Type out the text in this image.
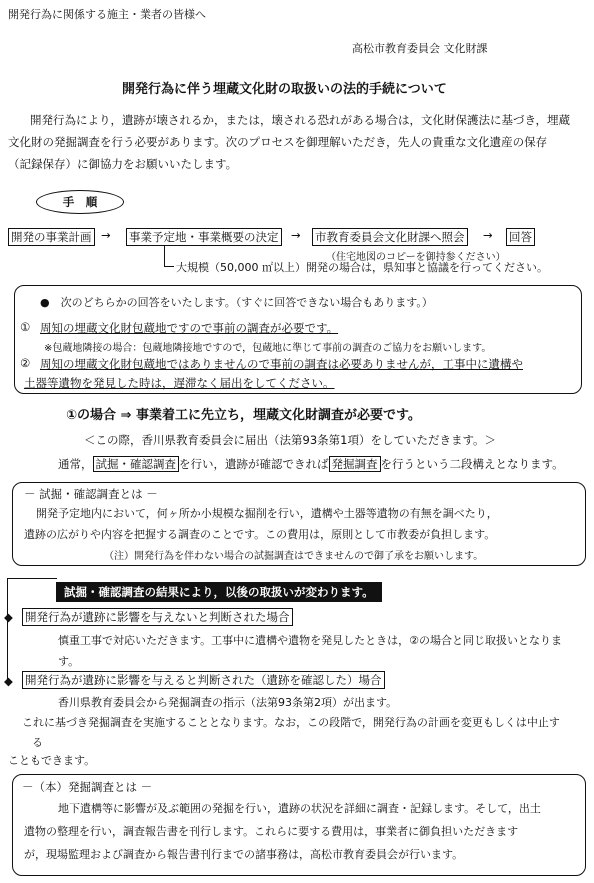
開発行為に関係する施主・業者の皆様へ
高松市教育委員会 文化財課
開発行為に伴う埋蔵文化財の取扱いの法的手続について
開発行為により，遺跡が壊されるか，または，壊される恐れがある場合は，文化財保護法に基づき，埋蔵
文化財の発掘調査を行う必要があります。次のプロセスを御理解いただき，先人の貴重な文化遺産の保存
（記録保存）に御協力をお願いいたします。
手　順
開発の事業計画 → 事業予定地・事業概要の決定 → 市教育委員会文化財課へ照会 → 回答
（住宅地図のコピーを御持参ください）
大規模（50,000 ㎡以上）開発の場合は，県知事と協議を行ってください。
●　次のどちらかの回答をいたします。（すぐに回答できない場合もあります。）
① 周知の埋蔵文化財包蔵地ですので事前の調査が必要です。
※包蔵地隣接の場合：包蔵地隣接地ですので，包蔵地に準じて事前の調査のご協力をお願いします。
② 周知の埋蔵文化財包蔵地ではありませんので事前の調査は必要ありませんが，工事中に遺構や
土器等遺物を発見した時は，遅滞なく届出をしてください。
①の場合 ⇒ 事業着工に先立ち，埋蔵文化財調査が必要です。
＜この際，香川県教育委員会に届出（法第93条第1項）をしていただきます。＞
通常， 試掘・確認調査 を行い，遺跡が確認できれば 発掘調査 を行うという二段構えとなります。
－ 試掘・確認調査とは －
開発予定地内において，何ヶ所か小規模な掘削を行い，遺構や土器等遺物の有無を調べたり，
遺跡の広がりや内容を把握する調査のことです。この費用は，原則として市教委が負担します。
（注）開発行為を伴わない場合の試掘調査はできませんので御了承をお願いします。
試掘・確認調査の結果により，以後の取扱いが変わります。
◆ 開発行為が遺跡に影響を与えないと判断された場合
慎重工事で対応いただきます。工事中に遺構や遺物を発見したときは，②の場合と同じ取扱いとなりま
す。
◆ 開発行為が遺跡に影響を与えると判断された（遺跡を確認した）場合
香川県教育委員会から発掘調査の指示（法第93条第2項）が出ます。
これに基づき発掘調査を実施することとなります。なお，この段階で，開発行為の計画を変更もしくは中止す
る
こともできます。
－（本）発掘調査とは －
地下遺構等に影響が及ぶ範囲の発掘を行い，遺跡の状況を詳細に調査・記録します。そして，出土
遺物の整理を行い，調査報告書を刊行します。これらに要する費用は，事業者に御負担いただきます
が，現場監理および調査から報告書刊行までの諸事務は，高松市教育委員会が行います。
